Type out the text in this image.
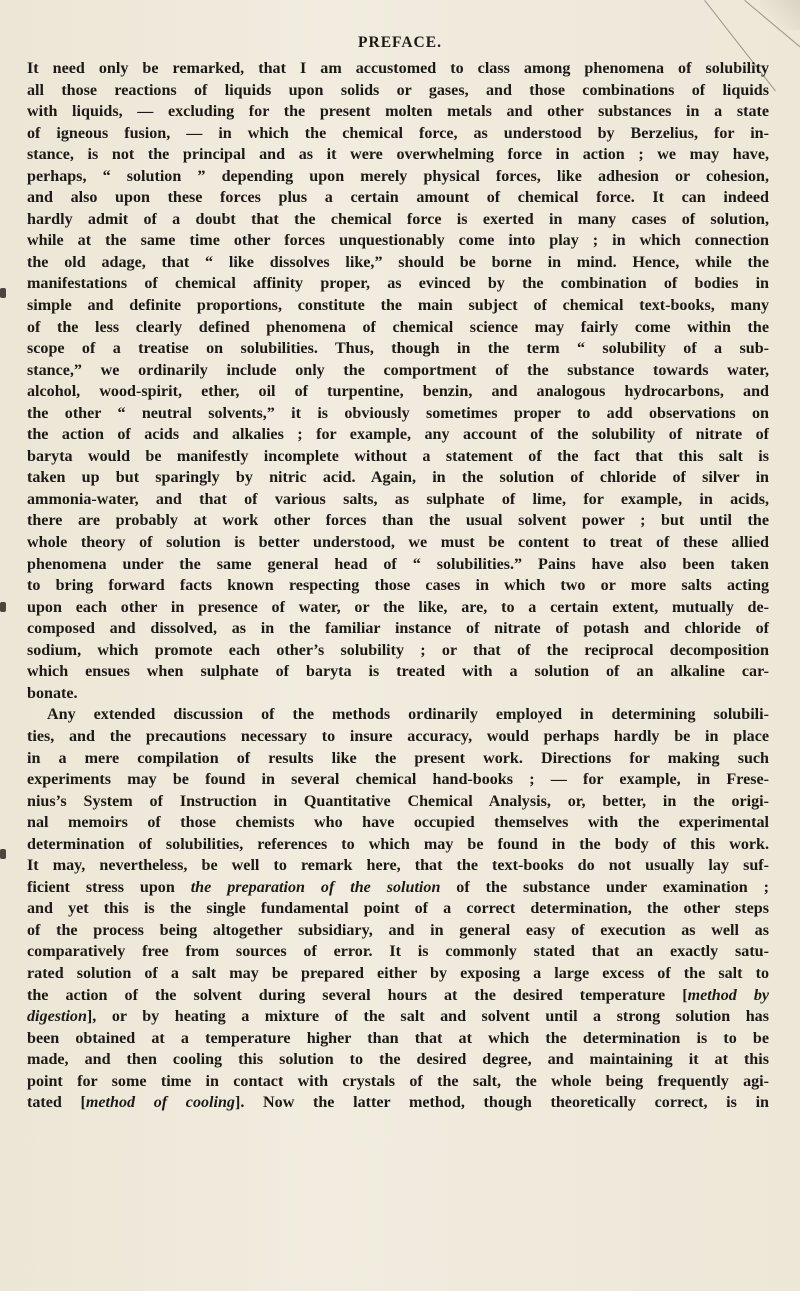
PREFACE.
It need only be remarked, that I am accustomed to class among phenomena of solubility
all those reactions of liquids upon solids or gases, and those combinations of liquids
with liquids, — excluding for the present molten metals and other substances in a state
of igneous fusion, — in which the chemical force, as understood by Berzelius, for in-
stance, is not the principal and as it were overwhelming force in action ; we may have,
perhaps, “ solution ” depending upon merely physical forces, like adhesion or cohesion,
and also upon these forces plus a certain amount of chemical force. It can indeed
hardly admit of a doubt that the chemical force is exerted in many cases of solution,
while at the same time other forces unquestionably come into play ; in which connection
the old adage, that “ like dissolves like,” should be borne in mind. Hence, while the
manifestations of chemical affinity proper, as evinced by the combination of bodies in
simple and definite proportions, constitute the main subject of chemical text-books, many
of the less clearly defined phenomena of chemical science may fairly come within the
scope of a treatise on solubilities. Thus, though in the term “ solubility of a sub-
stance,” we ordinarily include only the comportment of the substance towards water,
alcohol, wood-spirit, ether, oil of turpentine, benzin, and analogous hydrocarbons, and
the other “ neutral solvents,” it is obviously sometimes proper to add observations on
the action of acids and alkalies ; for example, any account of the solubility of nitrate of
baryta would be manifestly incomplete without a statement of the fact that this salt is
taken up but sparingly by nitric acid. Again, in the solution of chloride of silver in
ammonia-water, and that of various salts, as sulphate of lime, for example, in acids,
there are probably at work other forces than the usual solvent power ; but until the
whole theory of solution is better understood, we must be content to treat of these allied
phenomena under the same general head of “ solubilities.” Pains have also been taken
to bring forward facts known respecting those cases in which two or more salts acting
upon each other in presence of water, or the like, are, to a certain extent, mutually de-
composed and dissolved, as in the familiar instance of nitrate of potash and chloride of
sodium, which promote each other’s solubility ; or that of the reciprocal decomposition
which ensues when sulphate of baryta is treated with a solution of an alkaline car-
bonate.
Any extended discussion of the methods ordinarily employed in determining solubili-
ties, and the precautions necessary to insure accuracy, would perhaps hardly be in place
in a mere compilation of results like the present work. Directions for making such
experiments may be found in several chemical hand-books ; — for example, in Frese-
nius’s System of Instruction in Quantitative Chemical Analysis, or, better, in the origi-
nal memoirs of those chemists who have occupied themselves with the experimental
determination of solubilities, references to which may be found in the body of this work.
It may, nevertheless, be well to remark here, that the text-books do not usually lay suf-
ficient stress upon the preparation of the solution of the substance under examination ;
and yet this is the single fundamental point of a correct determination, the other steps
of the process being altogether subsidiary, and in general easy of execution as well as
comparatively free from sources of error. It is commonly stated that an exactly satu-
rated solution of a salt may be prepared either by exposing a large excess of the salt to
the action of the solvent during several hours at the desired temperature [method by
digestion], or by heating a mixture of the salt and solvent until a strong solution has
been obtained at a temperature higher than that at which the determination is to be
made, and then cooling this solution to the desired degree, and maintaining it at this
point for some time in contact with crystals of the salt, the whole being frequently agi-
tated [method of cooling]. Now the latter method, though theoretically correct, is in
